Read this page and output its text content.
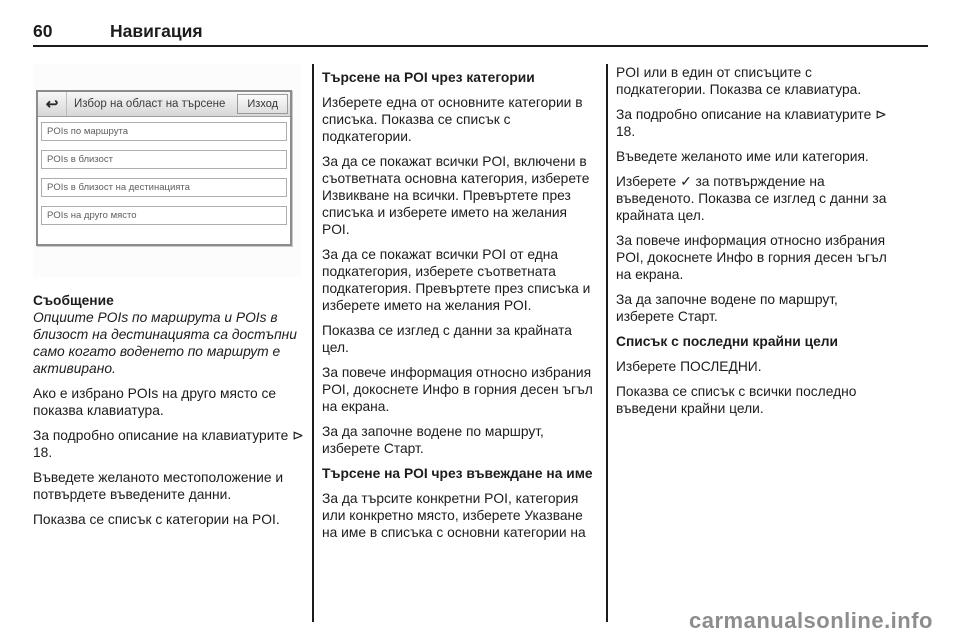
60	Навигация
↩	Избор на област на търсене	Изход
POIs по маршрута
POIs в близост
POIs в близост на дестинацията
POIs на друго място

Съобщение

Опциите POIs по маршрута и POIs в близост на дестинацията са достъпни само когато воденето по маршрут е активирано.

Ако е избрано POIs на друго място се показва клавиатура.

За подробно описание на клавиатурите ⊳ 18.

Въведете желаното местоположение и потвърдете въведените данни.

Показва се списък с категории на POI.

Търсене на POI чрез категории

Изберете една от основните категории в списъка. Показва се списък с подкатегории.

За да се покажат всички POI, включени в съответната основна категория, изберете Извикване на всички. Превъртете през списъка и изберете името на желания POI.

За да се покажат всички POI от една подкатегория, изберете съответната подкатегория. Превъртете през списъка и изберете името на желания POI.

Показва се изглед с данни за крайната цел.

За повече информация относно избрания POI, докоснете Инфо в горния десен ъгъл на екрана.

За да започне водене по маршрут, изберете Старт.

Търсене на POI чрез въвеждане на име

За да търсите конкретни POI, категория или конкретно място, изберете Указване на име в списъка с основни категории на

POI или в един от списъците с подкатегории. Показва се клавиатура.

За подробно описание на клавиатурите ⊳ 18.

Въведете желаното име или категория.

Изберете ✓ за потвърждение на въведеното. Показва се изглед с данни за крайната цел.

За повече информация относно избрания POI, докоснете Инфо в горния десен ъгъл на екрана.

За да започне водене по маршрут, изберете Старт.

Списък с последни крайни цели

Изберете ПОСЛЕДНИ.

Показва се списък с всички последно въведени крайни цели.

carmanualsonline.info
